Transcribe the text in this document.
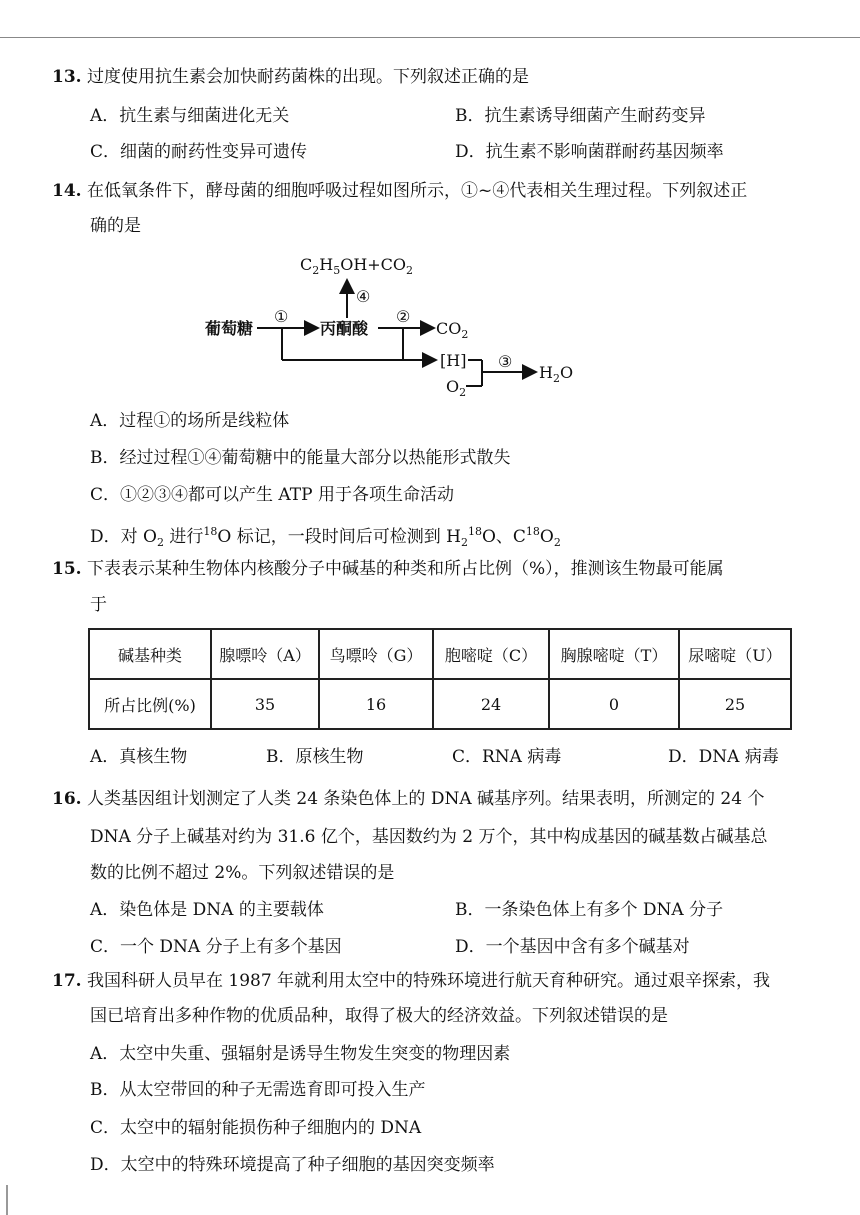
13. 过度使用抗生素会加快耐药菌株的出现。下列叙述正确的是
A．抗生素与细菌进化无关	B．抗生素诱导细菌产生耐药变异
C．细菌的耐药性变异可遗传	D．抗生素不影响菌群耐药基因频率
14. 在低氧条件下，酵母菌的细胞呼吸过程如图所示，①~④代表相关生理过程。下列叙述正
确的是
$C_2H_5OH+CO_2$
④
葡萄糖
①
丙酮酸
②
$CO_2$
[H]
$O_2$
③
$H_2O$
A．过程①的场所是线粒体
B．经过过程①④葡萄糖中的能量大部分以热能形式散失
C．①②③④都可以产生 ATP 用于各项生命活动
D．对 $O_2$ 进行$^{18}$O 标记，一段时间后可检测到 $H_2^{18}O$、$C^{18}O_2$
15. 下表表示某种生物体内核酸分子中碱基的种类和所占比例（%），推测该生物最可能属
于
碱基种类	腺嘌呤（A）	鸟嘌呤（G）	胞嘧啶（C）	胸腺嘧啶（T）	尿嘧啶（U）
所占比例(%)	35	16	24	0	25
A．真核生物	B．原核生物	C．RNA 病毒	D．DNA 病毒
16. 人类基因组计划测定了人类 24 条染色体上的 DNA 碱基序列。结果表明，所测定的 24 个
DNA 分子上碱基对约为 31.6 亿个，基因数约为 2 万个，其中构成基因的碱基数占碱基总
数的比例不超过 2%。下列叙述错误的是
A．染色体是 DNA 的主要载体	B．一条染色体上有多个 DNA 分子
C．一个 DNA 分子上有多个基因	D．一个基因中含有多个碱基对
17. 我国科研人员早在 1987 年就利用太空中的特殊环境进行航天育种研究。通过艰辛探索，我
国已培育出多种作物的优质品种，取得了极大的经济效益。下列叙述错误的是
A．太空中失重、强辐射是诱导生物发生突变的物理因素
B．从太空带回的种子无需选育即可投入生产
C．太空中的辐射能损伤种子细胞内的 DNA
D．太空中的特殊环境提高了种子细胞的基因突变频率
